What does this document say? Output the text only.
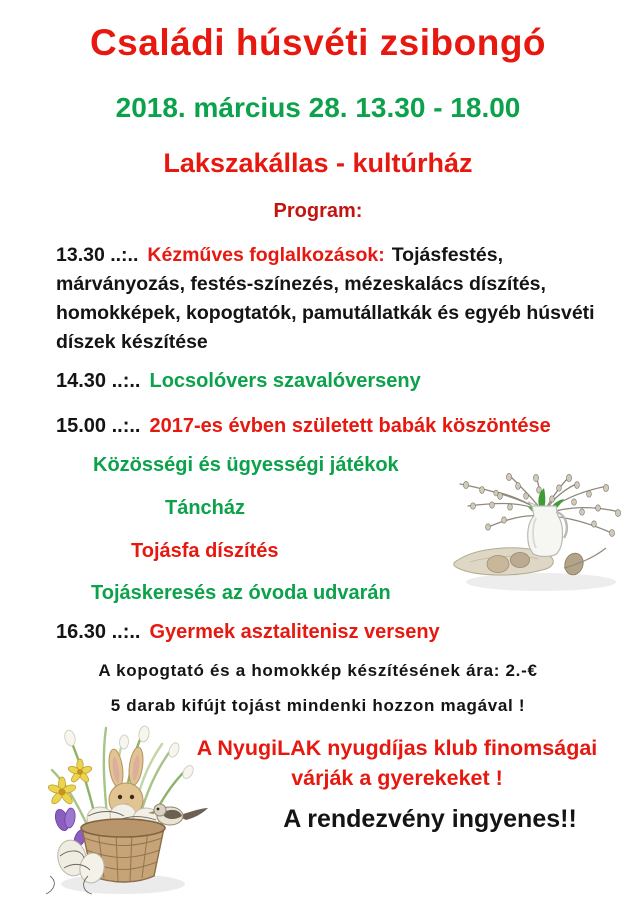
Családi húsvéti zsibongó
2018. március 28. 13.30 - 18.00
Lakszakállas - kultúrház
Program:
13.30 ..:.. Kézműves foglalkozások: Tojásfestés, márványozás, festés-színezés, mézeskalács díszítés, homokképek, kopogtatók, pamutállatkák és egyéb húsvéti díszek készítése
14.30 ..:.. Locsolóvers szavalóverseny
15.00 ..:.. 2017-es évben született babák köszöntése
Közösségi és ügyességi játékok
Táncház
Tojásfa díszítés
Tojáskeresés az óvoda udvarán
16.30 ..:.. Gyermek asztalitenisz verseny
A kopogtató és a homokkép készítésének ára: 2.-€
5 darab kifújt tojást mindenki hozzon magával !
A NyugiLAK nyugdíjas klub finomságai
várják a gyerekeket !
A rendezvény ingyenes!!
